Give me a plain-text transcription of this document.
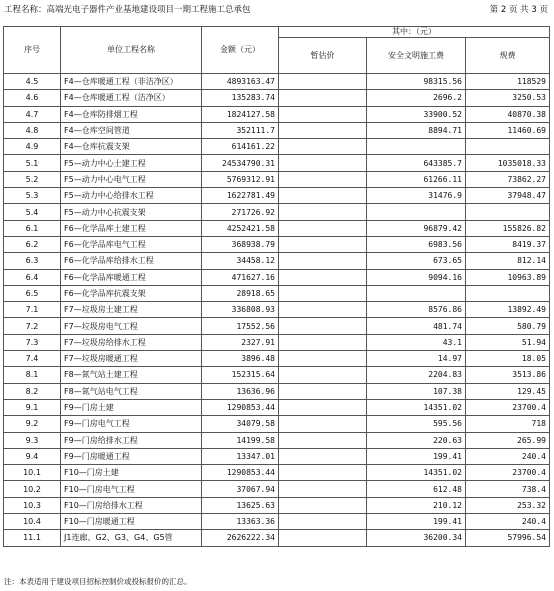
工程名称：高端光电子器件产业基地建设项目一期工程施工总承包	第 2 页 共 3 页
序号	单位工程名称	金额（元）	其中：（元）		
			暂估价	安全文明施工费	规费
4.5	F4—仓库暖通工程（非洁净区）	4893163.47		98315.56	118529
4.6	F4—仓库暖通工程（洁净区）	135283.74		2696.2	3250.53
4.7	F4—仓库防排烟工程	1824127.58		33900.52	40870.38
4.8	F4—仓库空间管道	352111.7		8894.71	11460.69
4.9	F4—仓库抗震支架	614161.22			
5.1	F5—动力中心土建工程	24534790.31		643385.7	1035018.33
5.2	F5—动力中心电气工程	5769312.91		61266.11	73862.27
5.3	F5—动力中心给排水工程	1622781.49		31476.9	37948.47
5.4	F5—动力中心抗震支架	271726.92			
6.1	F6—化学品库土建工程	4252421.58		96879.42	155826.82
6.2	F6—化学品库电气工程	368938.79		6983.56	8419.37
6.3	F6—化学品库给排水工程	34458.12		673.65	812.14
6.4	F6—化学品库暖通工程	471627.16		9094.16	10963.89
6.5	F6—化学品库抗震支架	28918.65			
7.1	F7—垃圾房土建工程	336808.93		8576.86	13892.49
7.2	F7—垃圾房电气工程	17552.56		481.74	580.79
7.3	F7—垃圾房给排水工程	2327.91		43.1	51.94
7.4	F7—垃圾房暖通工程	3896.48		14.97	18.05
8.1	F8—氮气站土建工程	152315.64		2204.83	3513.86
8.2	F8—氮气站电气工程	13636.96		107.38	129.45
9.1	F9—门房土建	1290853.44		14351.02	23700.4
9.2	F9—门房电气工程	34079.58		595.56	718
9.3	F9—门房给排水工程	14199.58		220.63	265.99
9.4	F9—门房暖通工程	13347.01		199.41	240.4
10.1	F10—门房土建	1290853.44		14351.02	23700.4
10.2	F10—门房电气工程	37067.94		612.48	738.4
10.3	F10—门房给排水工程	13625.63		210.12	253.32
10.4	F10—门房暖通工程	13363.36		199.41	240.4
11.1	J1连廊、G2、G3、G4、G5管	2626222.34		36200.34	57996.54
注：本表适用于建设项目招标控制价或投标报价的汇总。
